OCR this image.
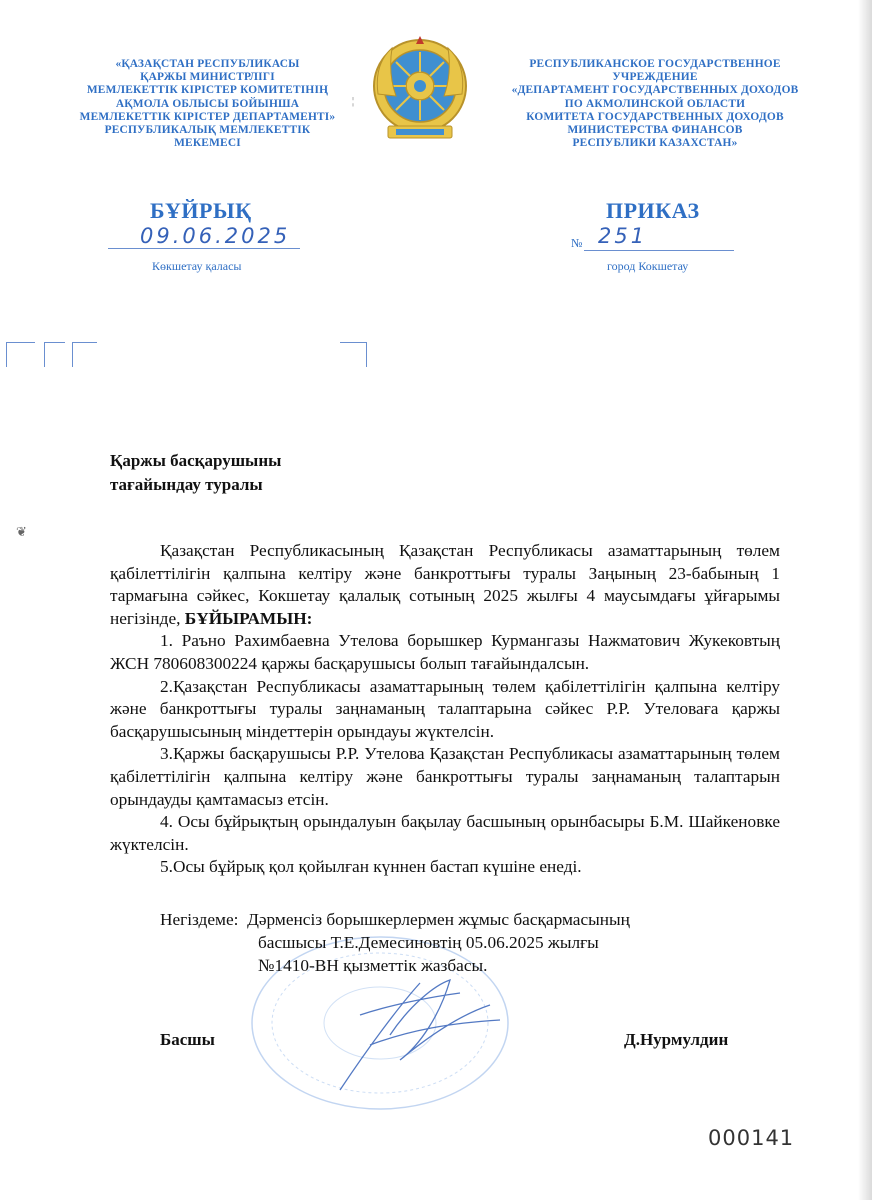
«ҚАЗАҚСТАН РЕСПУБЛИКАСЫ
ҚАРЖЫ МИНИСТРЛІГІ
МЕМЛЕКЕТТІК КІРІСТЕР КОМИТЕТІНІҢ
АҚМОЛА ОБЛЫСЫ БОЙЫНША
МЕМЛЕКЕТТІК КІРІСТЕР ДЕПАРТАМЕНТІ»
РЕСПУБЛИКАЛЫҚ МЕМЛЕКЕТТІК
МЕКЕМЕСІ
РЕСПУБЛИКАНСКОЕ ГОСУДАРСТВЕННОЕ
УЧРЕЖДЕНИЕ
«ДЕПАРТАМЕНТ ГОСУДАРСТВЕННЫХ ДОХОДОВ
ПО АКМОЛИНСКОЙ ОБЛАСТИ
КОМИТЕТА ГОСУДАРСТВЕННЫХ ДОХОДОВ
МИНИСТЕРСТВА ФИНАНСОВ
РЕСПУБЛИКИ КАЗАХСТАН»
¦
БҰЙРЫҚ	ПРИКАЗ
09.06.2025
Көкшетау қаласы
№ 251
город Кокшетау
Қаржы басқарушыны
тағайындау туралы
❦

Қазақстан Республикасының Қазақстан Республикасы азаматтарының төлем қабілеттілігін қалпына келтіру және банкроттығы туралы Заңының 23-бабының 1 тармағына сәйкес, Кокшетау қалалық сотының 2025 жылғы 4 маусымдағы ұйғарымы негізінде, БҰЙЫРАМЫН:

1. Раъно Рахимбаевна Утелова борышкер Курмангазы Нажматович Жукековтың ЖСН 780608300224 қаржы басқарушысы болып тағайындалсын.

2.Қазақстан Республикасы азаматтарының төлем қабілеттілігін қалпына келтіру және банкроттығы туралы заңнаманың талаптарына сәйкес Р.Р. Утеловаға қаржы басқарушысының міндеттерін орындауы жүктелсін.

3.Қаржы басқарушысы Р.Р. Утелова Қазақстан Республикасы азаматтарының төлем қабілеттілігін қалпына келтіру және банкроттығы туралы заңнаманың талаптарын орындауды қамтамасыз етсін.

4. Осы бұйрықтың орындалуын бақылау басшының орынбасыры Б.М. Шайкеновке жүктелсін.

5.Осы бұйрық қол қойылған күннен бастап күшіне енеді.

Негіздеме: Дәрменсіз борышкерлермен жұмыс басқармасының
басшысы Т.Е.Демесиновтің 05.06.2025 жылғы
№1410-ВН қызметтік жазбасы.
Басшы	Д.Нурмулдин
000141
